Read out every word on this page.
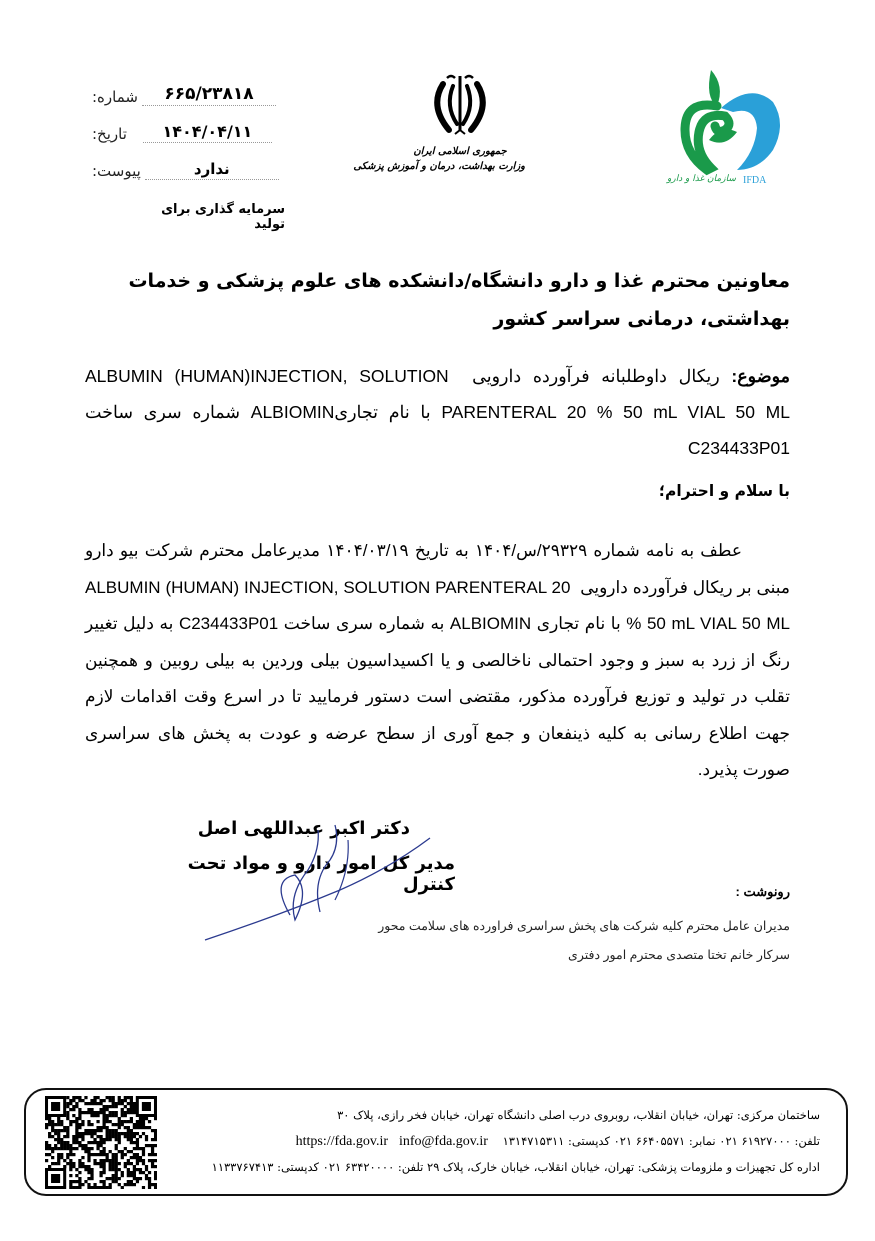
شماره:	۶۶۵/۲۳۸۱۸
تاریخ:	۱۴۰۴/۰۴/۱۱
پیوست:	ندارد
سرمایه گذاری برای تولید
جمهوری اسلامی ایران
وزارت بهداشت، درمان و آموزش پزشکی
سازمان غذا و دارو IFDA
معاونین محترم غذا و دارو دانشگاه/دانشکده های علوم پزشکی و خدمات بهداشتی، درمانی سراسر کشور
موضوع: ریکال داوطلبانه فرآورده دارویی  ALBUMIN (HUMAN)INJECTION, SOLUTION PARENTERAL 20 % 50 mL VIAL 50 ML با نام تجاریALBIOMIN شماره سری ساخت C234433P01
با سلام و احترام؛
عطف به نامه شماره ۲۹۳۲۹/س/۱۴۰۴ به تاریخ ۱۴۰۴/۰۳/۱۹ مدیرعامل محترم شرکت بیو دارو مبنی بر ریکال فرآورده دارویی  ALBUMIN (HUMAN) INJECTION, SOLUTION PARENTERAL 20 % 50 mL VIAL 50 ML با نام تجاری ALBIOMIN به شماره سری ساخت C234433P01 به دلیل تغییر رنگ از زرد به سبز و وجود احتمالی ناخالصی و یا اکسیداسیون بیلی وردین به بیلی روبین و همچنین تقلب در تولید و توزیع فرآورده مذکور، مقتضی است دستور فرمایید تا در اسرع وقت اقدامات لازم جهت اطلاع رسانی به کلیه ذینفعان و جمع آوری از سطح عرضه و عودت به پخش های سراسری صورت پذیرد.
دکتر اکبر عبداللهی اصل
مدیر کل امور دارو و مواد تحت کنترل	رونوشت :
مدیران عامل محترم کلیه شرکت های پخش سراسری فراورده های سلامت محور
سرکار خانم تختا متصدی محترم امور دفتری
ساختمان مرکزی: تهران، خیابان انقلاب، روبروی درب اصلی دانشگاه تهران، خیابان فخر رازی، پلاک ۳۰
تلفن: ۶۱۹۲۷۰۰۰ ۰۲۱ نمابر: ۶۶۴۰۵۵۷۱ ۰۲۱ کدپستی: ۱۳۱۴۷۱۵۳۱۱    info@fda.gov.ir   https://fda.gov.ir
اداره کل تجهیزات و ملزومات پزشکی: تهران، خیابان انقلاب، خیابان خارک، پلاک ۲۹ تلفن: ۶۳۴۲۰۰۰۰ ۰۲۱ کدپستی: ۱۱۳۳۷۶۷۴۱۳
